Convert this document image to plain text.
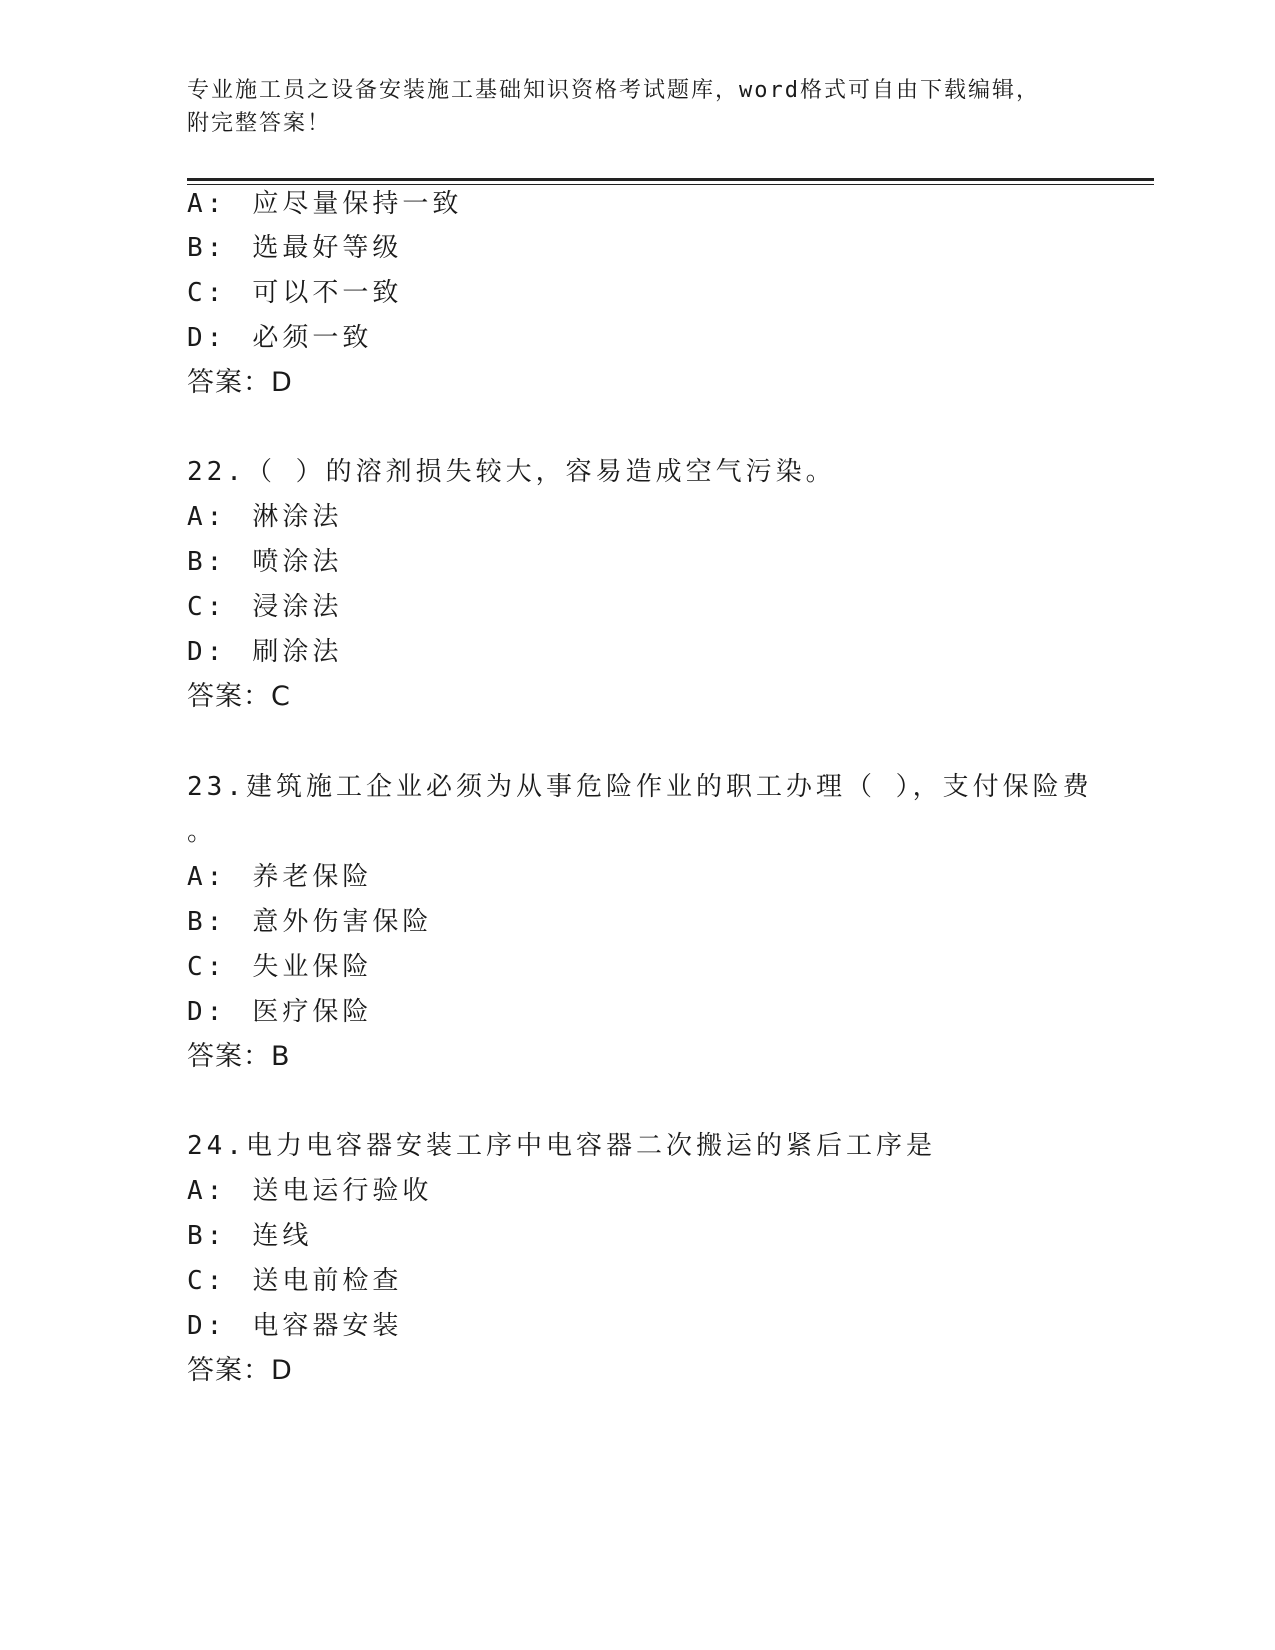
专业施工员之设备安装施工基础知识资格考试题库，word格式可自由下载编辑，
附完整答案！
A: 应尽量保持一致
B: 选最好等级
C: 可以不一致
D: 必须一致
答案：D
22.（ ）的溶剂损失较大，容易造成空气污染。
A: 淋涂法
B: 喷涂法
C: 浸涂法
D: 刷涂法
答案：C
23.建筑施工企业必须为从事危险作业的职工办理（ ），支付保险费
。
A: 养老保险
B: 意外伤害保险
C: 失业保险
D: 医疗保险
答案：B
24.电力电容器安装工序中电容器二次搬运的紧后工序是
A: 送电运行验收
B: 连线
C: 送电前检查
D: 电容器安装
答案：D
